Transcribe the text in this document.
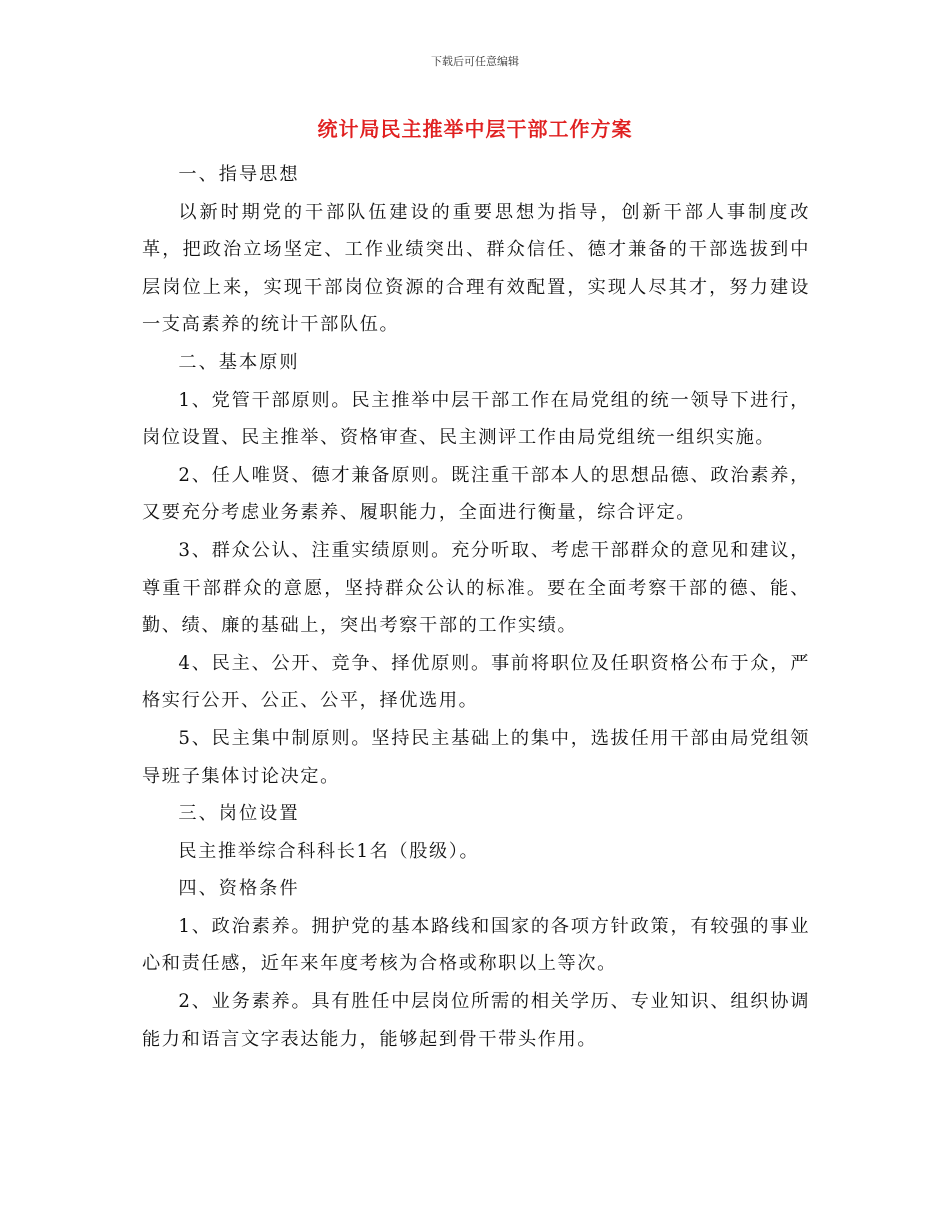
下载后可任意编辑
统计局民主推举中层干部工作方案

一、指导思想

以新时期党的干部队伍建设的重要思想为指导，创新干部人事制度改革，把政治立场坚定、工作业绩突出、群众信任、德才兼备的干部选拔到中层岗位上来，实现干部岗位资源的合理有效配置，实现人尽其才，努力建设一支高素养的统计干部队伍。

二、基本原则

1、党管干部原则。民主推举中层干部工作在局党组的统一领导下进行，岗位设置、民主推举、资格审查、民主测评工作由局党组统一组织实施。

2、任人唯贤、德才兼备原则。既注重干部本人的思想品德、政治素养，又要充分考虑业务素养、履职能力，全面进行衡量，综合评定。

3、群众公认、注重实绩原则。充分听取、考虑干部群众的意见和建议，尊重干部群众的意愿，坚持群众公认的标准。要在全面考察干部的德、能、勤、绩、廉的基础上，突出考察干部的工作实绩。

4、民主、公开、竞争、择优原则。事前将职位及任职资格公布于众，严格实行公开、公正、公平，择优选用。

5、民主集中制原则。坚持民主基础上的集中，选拔任用干部由局党组领导班子集体讨论决定。

三、岗位设置

民主推举综合科科长1名（股级）。

四、资格条件

1、政治素养。拥护党的基本路线和国家的各项方针政策，有较强的事业心和责任感，近年来年度考核为合格或称职以上等次。

2、业务素养。具有胜任中层岗位所需的相关学历、专业知识、组织协调能力和语言文字表达能力，能够起到骨干带头作用。
